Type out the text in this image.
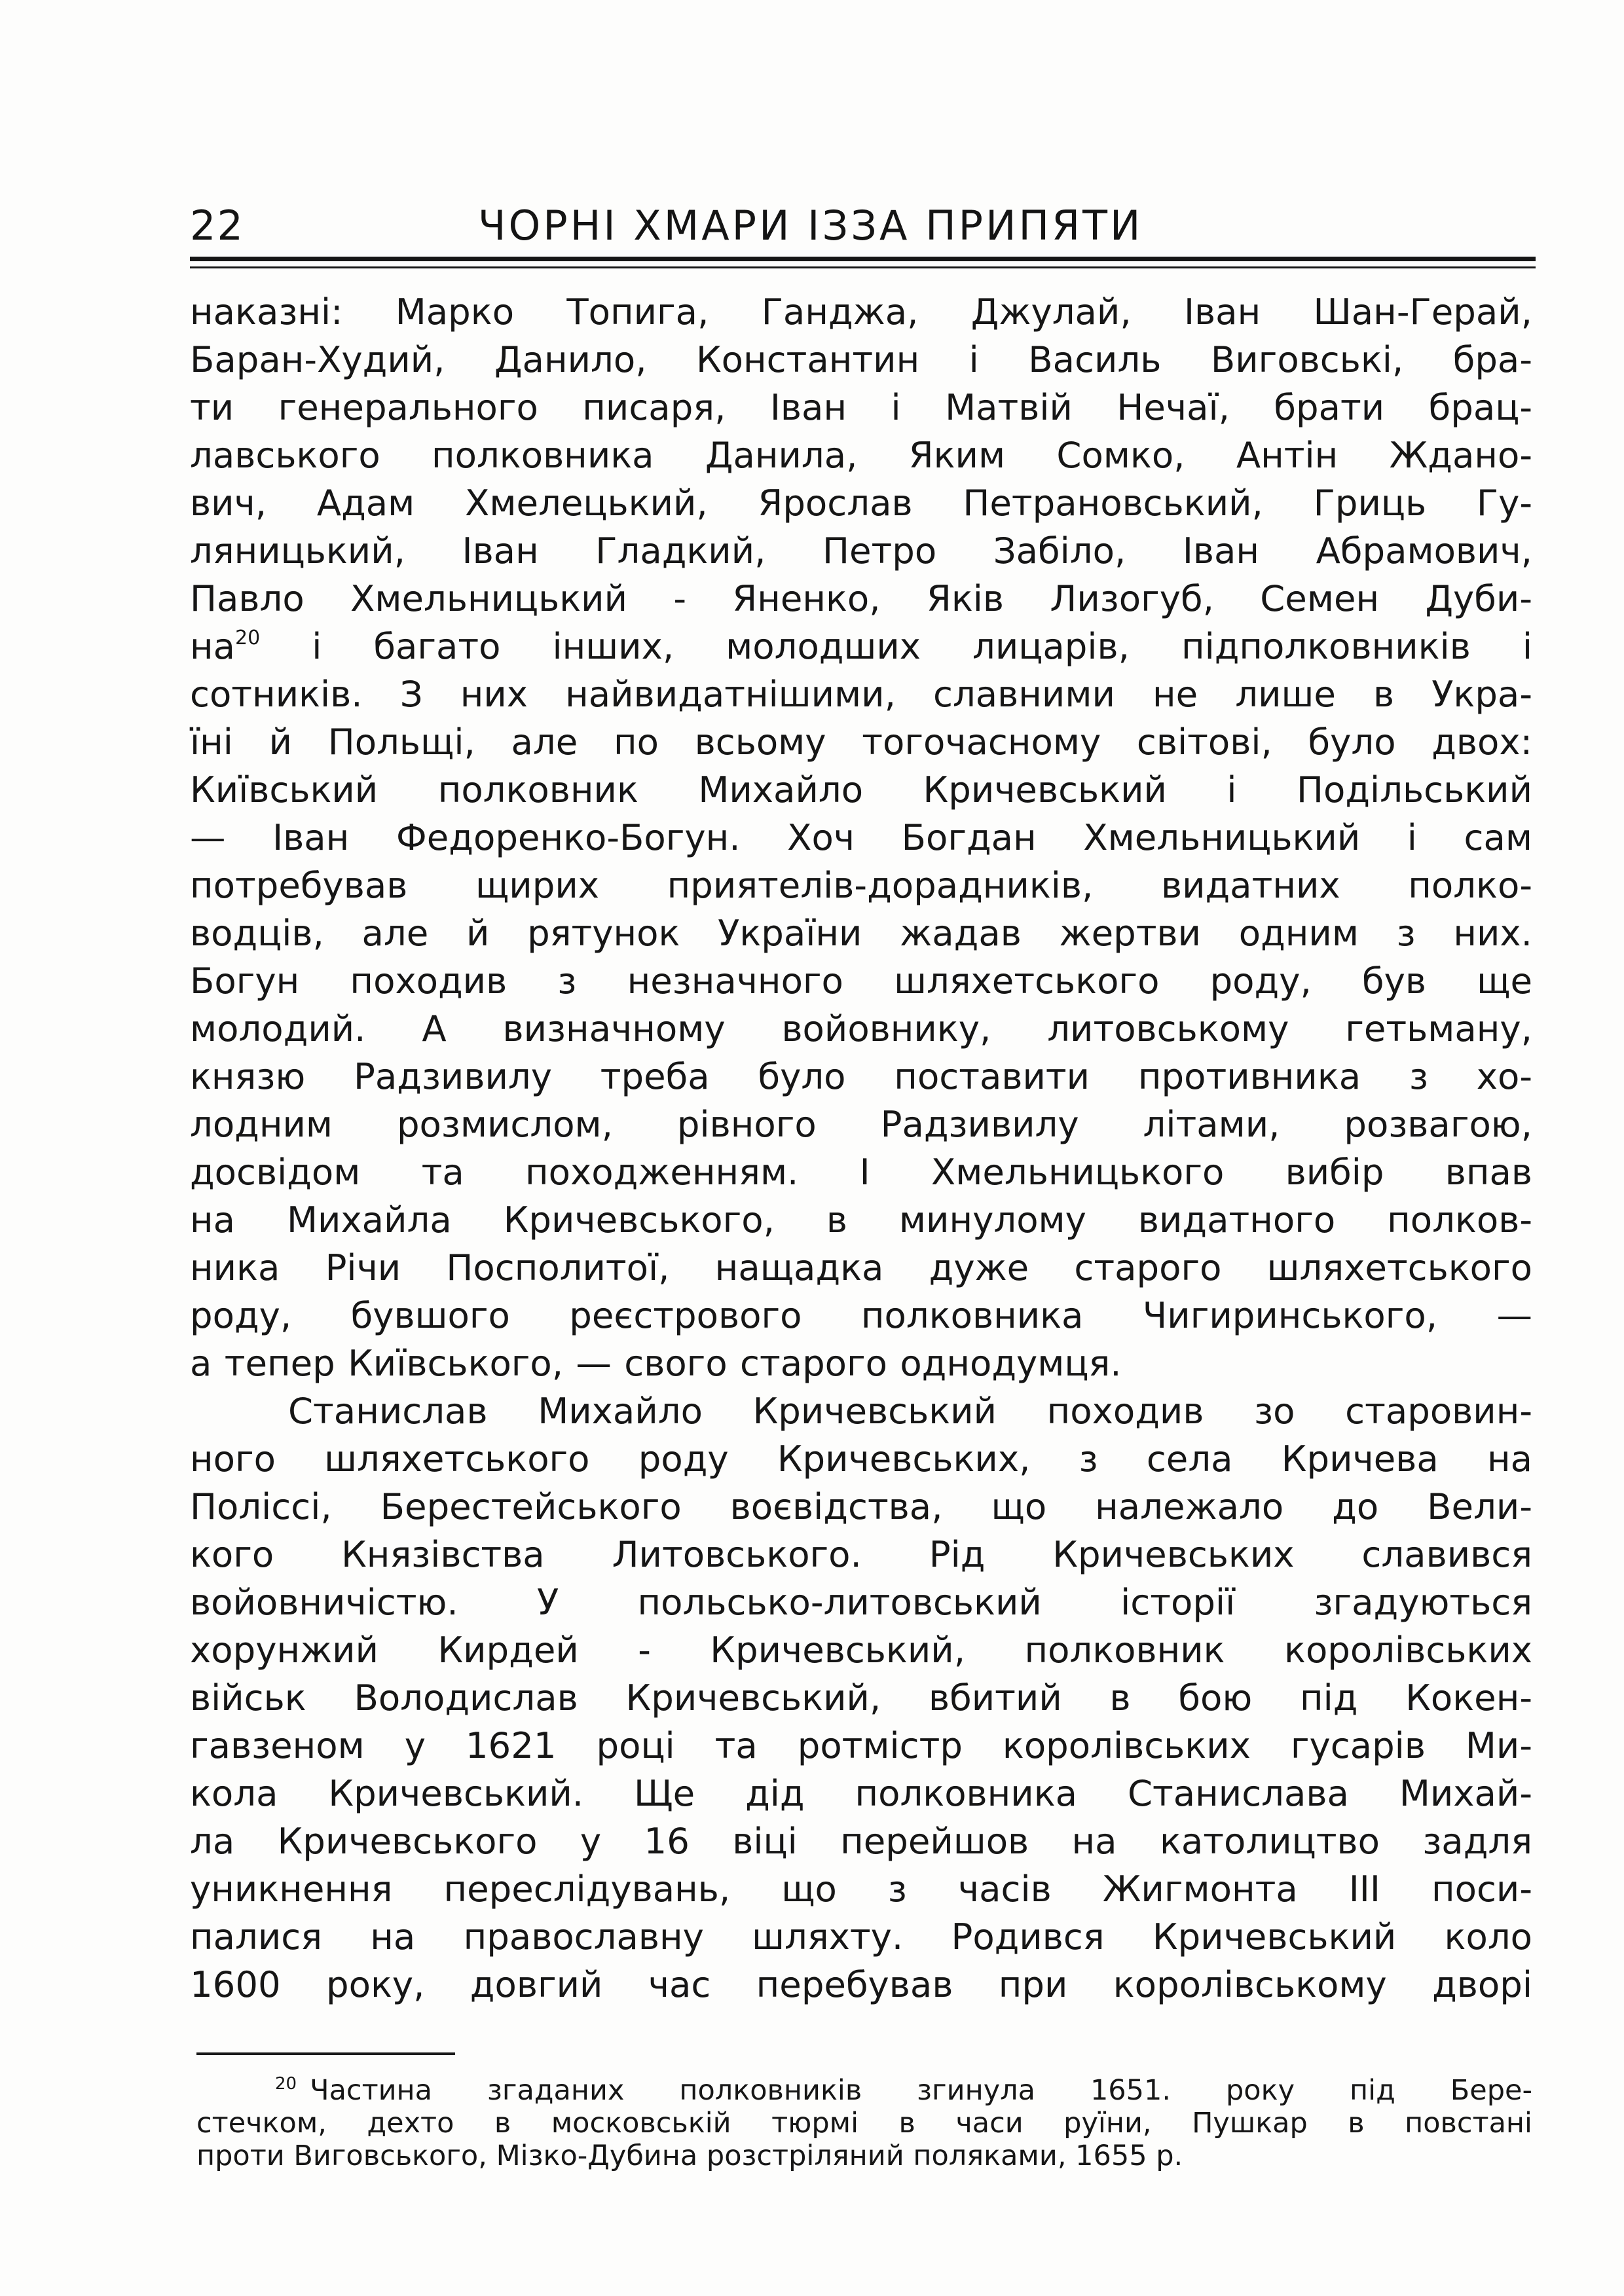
22	ЧОРНІ ХМАРИ ІЗЗА ПРИПЯТИ
наказні: Марко Топига, Ганджа, Джулай, Іван Шан-Герай,
Баран-Худий, Данило, Константин і Василь Виговські, бра-
ти генерального писаря, Іван і Матвій Нечаї, брати брац-
лавського полковника Данила, Яким Сомко, Антін Ждано-
вич, Адам Хмелецький, Ярослав Петрановський, Гриць Гу-
ляницький, Іван Гладкий, Петро Забіло, Іван Абрамович,
Павло Хмельницький - Яненко, Яків Лизогуб, Семен Дуби-
на$^{20}$ і багато інших, молодших лицарів, підполковників і
сотників. З них найвидатнішими, славними не лише в Укра-
їні й Польщі, але по всьому тогочасному світові, було двох:
Київський полковник Михайло Кричевський і Подільський
— Іван Федоренко-Богун. Хоч Богдан Хмельницький і сам
потребував щирих приятелів-дорадників, видатних полко-
водців, але й рятунок України жадав жертви одним з них.
Богун походив з незначного шляхетського роду, був ще
молодий. А визначному войовнику, литовському гетьману,
князю Радзивилу треба було поставити противника з хо-
лодним розмислом, рівного Радзивилу літами, розвагою,
досвідом та походженням. І Хмельницького вибір впав
на Михайла Кричевського, в минулому видатного полков-
ника Річи Посполитої, нащадка дуже старого шляхетського
роду, бувшого реєстрового полковника Чигиринського, —
а тепер Київського, — свого старого однодумця.
Станислав Михайло Кричевський походив зо старовин-
ного шляхетського роду Кричевських, з села Кричева на
Поліссі, Берестейського воєвідства, що належало до Вели-
кого Князівства Литовського. Рід Кричевських славився
войовничістю. У польсько-литовський історії згадуються
хорунжий Кирдей - Кричевський, полковник королівських
військ Володислав Кричевський, вбитий в бою під Кокен-
гавзеном у 1621 році та ротмістр королівських гусарів Ми-
кола Кричевський. Ще дід полковника Станислава Михай-
ла Кричевського у 16 віці перейшов на католицтво задля
уникнення переслідувань, що з часів Жигмонта III поси-
палися на православну шляхту. Родився Кричевський коло
1600 року, довгий час перебував при королівському дворі
$^{20}$ Частина згаданих полковників згинула 1651. року під Бере-
стечком, дехто в московській тюрмі в часи руїни, Пушкар в повстані
проти Виговського, Мізко-Дубина розстріляний поляками, 1655 р.
